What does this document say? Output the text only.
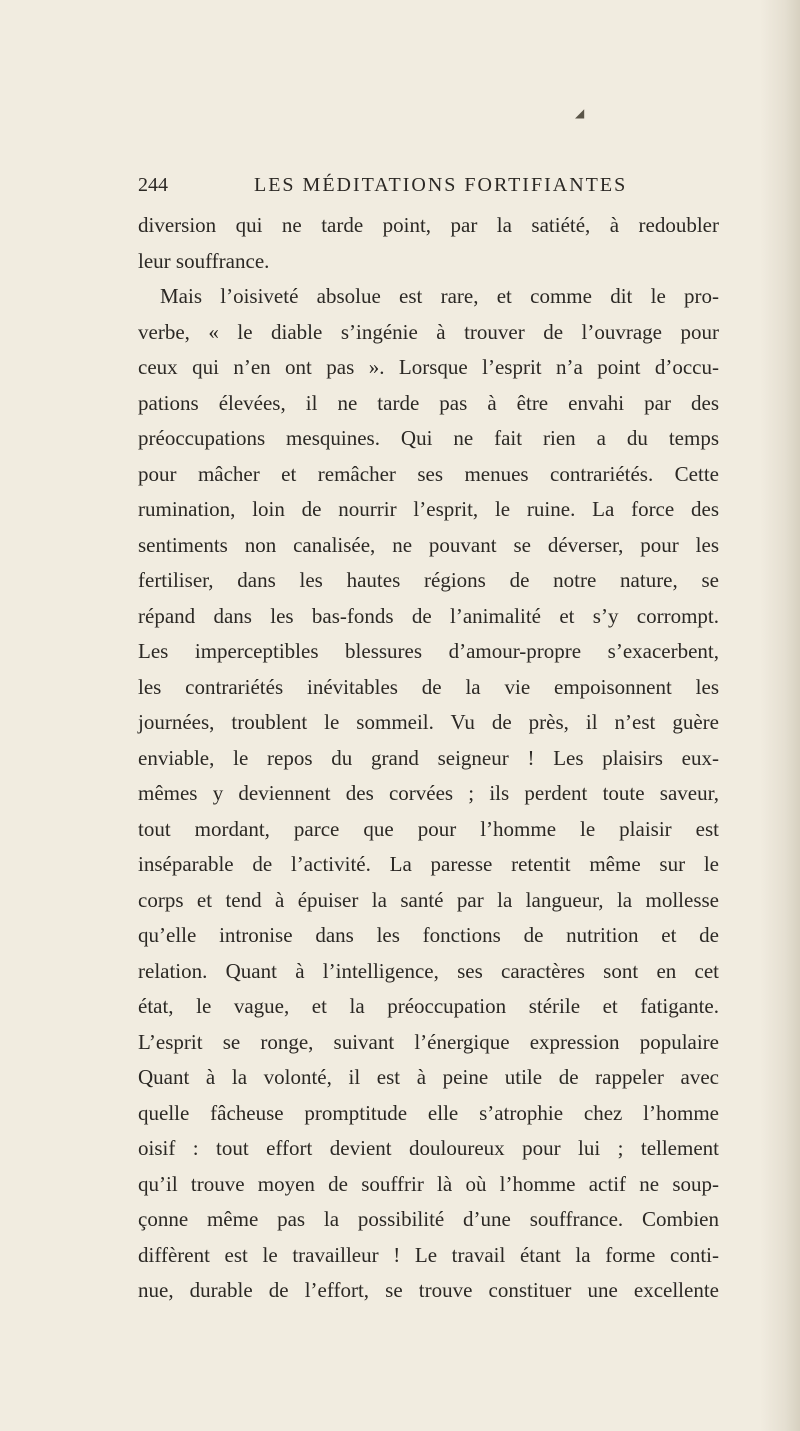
◢
244	LES MÉDITATIONS FORTIFIANTES
diversion qui ne tarde point, par la satiété, à redoubler
leur souffrance.
Mais l’oisiveté absolue est rare, et comme dit le pro-
verbe, « le diable s’ingénie à trouver de l’ouvrage pour
ceux qui n’en ont pas ». Lorsque l’esprit n’a point d’occu-
pations élevées, il ne tarde pas à être envahi par des
préoccupations mesquines. Qui ne fait rien a du temps
pour mâcher et remâcher ses menues contrariétés. Cette
rumination, loin de nourrir l’esprit, le ruine. La force des
sentiments non canalisée, ne pouvant se déverser, pour les
fertiliser, dans les hautes régions de notre nature, se
répand dans les bas-fonds de l’animalité et s’y corrompt.
Les imperceptibles blessures d’amour-propre s’exacerbent,
les contrariétés inévitables de la vie empoisonnent les
journées, troublent le sommeil. Vu de près, il n’est guère
enviable, le repos du grand seigneur ! Les plaisirs eux-
mêmes y deviennent des corvées ; ils perdent toute saveur,
tout mordant, parce que pour l’homme le plaisir est
inséparable de l’activité. La paresse retentit même sur le
corps et tend à épuiser la santé par la langueur, la mollesse
qu’elle intronise dans les fonctions de nutrition et de
relation. Quant à l’intelligence, ses caractères sont en cet
état, le vague, et la préoccupation stérile et fatigante.
L’esprit se ronge, suivant l’énergique expression populaire
Quant à la volonté, il est à peine utile de rappeler avec
quelle fâcheuse promptitude elle s’atrophie chez l’homme
oisif : tout effort devient douloureux pour lui ; tellement
qu’il trouve moyen de souffrir là où l’homme actif ne soup-
çonne même pas la possibilité d’une souffrance. Combien
diffèrent est le travailleur ! Le travail étant la forme conti-
nue, durable de l’effort, se trouve constituer une excellente
